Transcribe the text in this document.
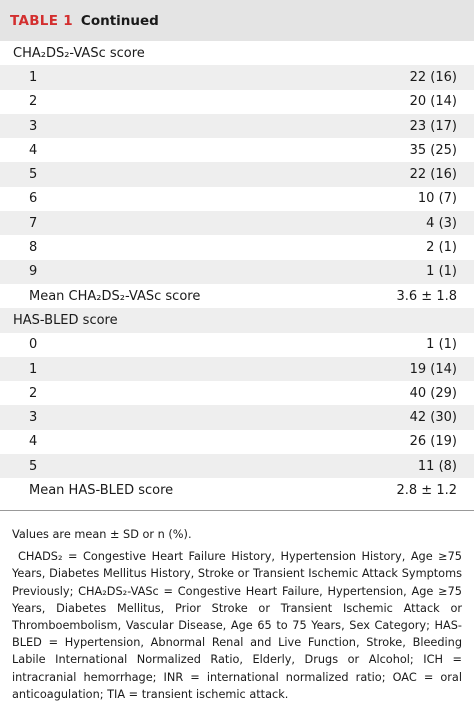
TABLE 1 Continued
CHA₂DS₂-VASc score
1	22 (16)
2	20 (14)
3	23 (17)
4	35 (25)
5	22 (16)
6	10 (7)
7	4 (3)
8	2 (1)
9	1 (1)
Mean CHA₂DS₂-VASc score	3.6 ± 1.8
HAS-BLED score
0	1 (1)
1	19 (14)
2	40 (29)
3	42 (30)
4	26 (19)
5	11 (8)
Mean HAS-BLED score	2.8 ± 1.2

Values are mean ± SD or n (%).

CHADS₂ = Congestive Heart Failure History, Hypertension History, Age ≥75 Years, Diabetes Mellitus History, Stroke or Transient Ischemic Attack Symptoms Previously; CHA₂DS₂-VASc = Congestive Heart Failure, Hypertension, Age ≥75 Years, Diabetes Mellitus, Prior Stroke or Transient Ischemic Attack or Thromboembolism, Vascular Disease, Age 65 to 75 Years, Sex Category; HAS-BLED = Hypertension, Abnormal Renal and Live Function, Stroke, Bleeding Labile International Normalized Ratio, Elderly, Drugs or Alcohol; ICH = intracranial hemorrhage; INR = international normalized ratio; OAC = oral anticoagulation; TIA = transient ischemic attack.
